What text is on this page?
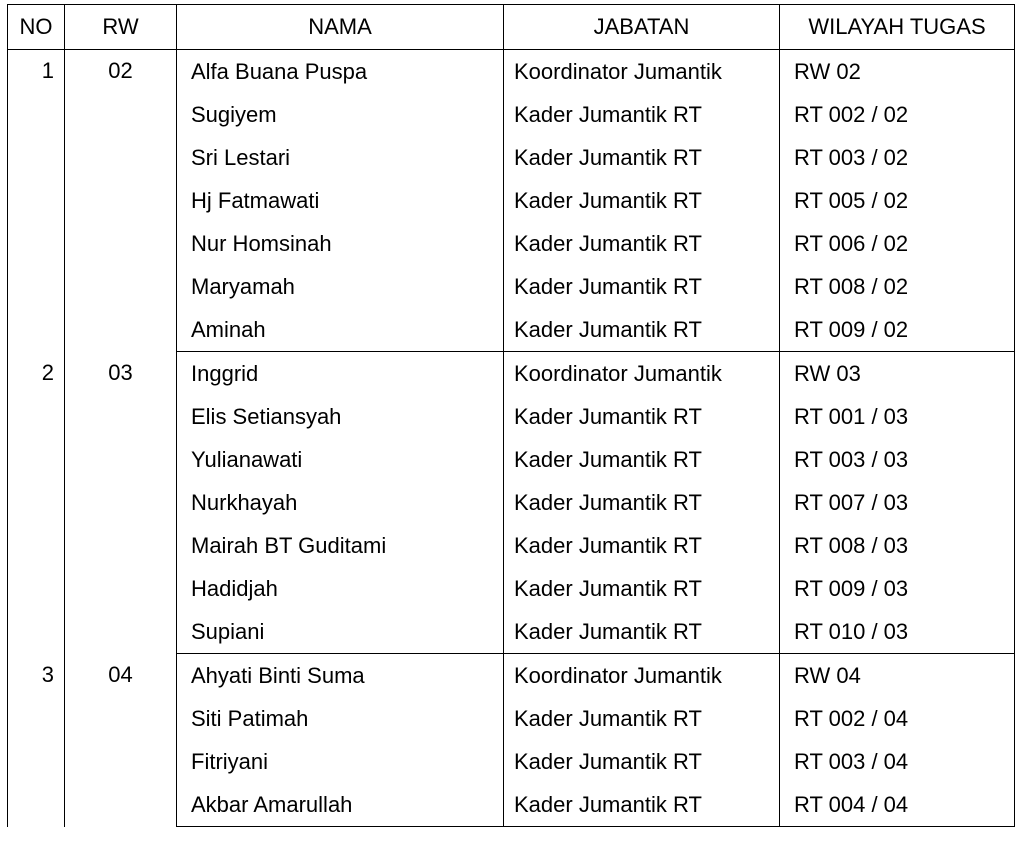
NO	RW	NAMA	JABATAN	WILAYAH TUGAS
1	02	Alfa Buana Puspa	Koordinator Jumantik	RW 02
		Sugiyem	Kader Jumantik RT	RT 002 / 02
		Sri Lestari	Kader Jumantik RT	RT 003 / 02
		Hj Fatmawati	Kader Jumantik RT	RT 005 / 02
		Nur Homsinah	Kader Jumantik RT	RT 006 / 02
		Maryamah	Kader Jumantik RT	RT 008 / 02
		Aminah	Kader Jumantik RT	RT 009 / 02
2	03	Inggrid	Koordinator Jumantik	RW 03
		Elis Setiansyah	Kader Jumantik RT	RT 001 / 03
		Yulianawati	Kader Jumantik RT	RT 003 / 03
		Nurkhayah	Kader Jumantik RT	RT 007 / 03
		Mairah BT Guditami	Kader Jumantik RT	RT 008 / 03
		Hadidjah	Kader Jumantik RT	RT 009 / 03
		Supiani	Kader Jumantik RT	RT 010 / 03
3	04	Ahyati Binti Suma	Koordinator Jumantik	RW 04
		Siti Patimah	Kader Jumantik RT	RT 002 / 04
		Fitriyani	Kader Jumantik RT	RT 003 / 04
		Akbar Amarullah	Kader Jumantik RT	RT 004 / 04
